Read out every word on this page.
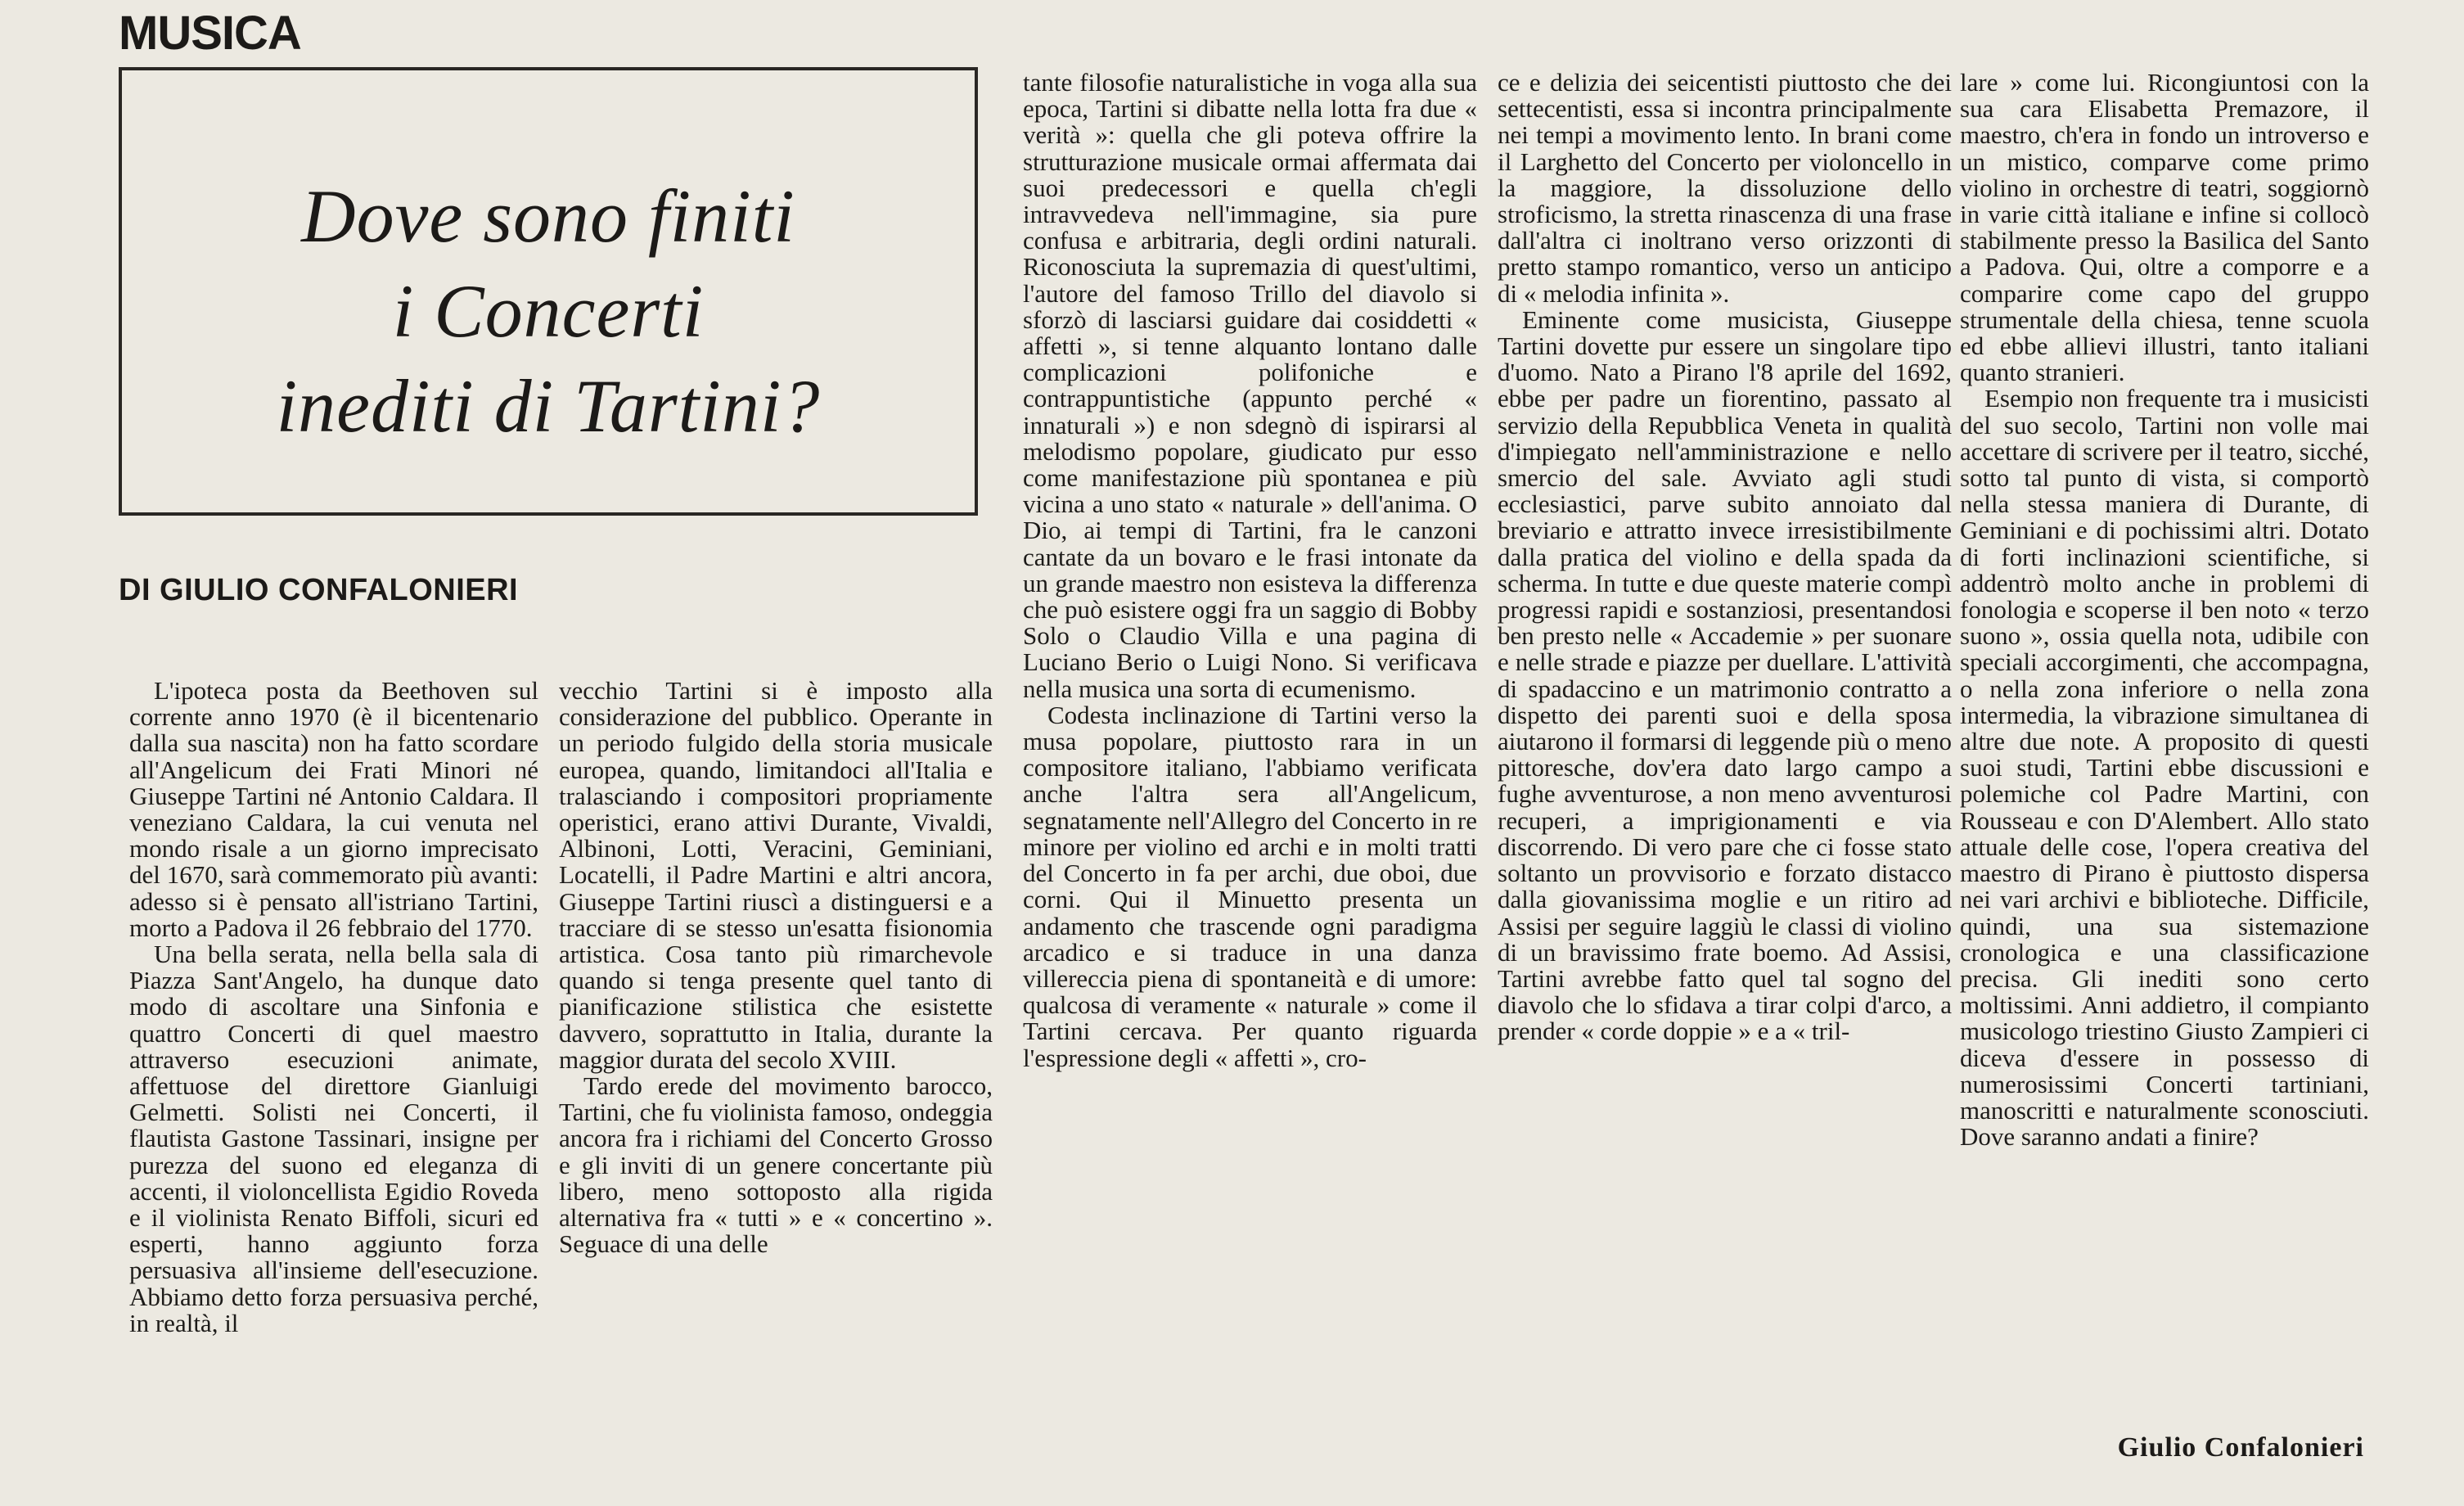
MUSICA
Dove sono finiti
i Concerti
inediti di Tartini?
DI GIULIO CONFALONIERI

L'ipoteca posta da Beethoven sul corrente anno 1970 (è il bicentenario dalla sua nascita) non ha fatto scordare all'Angelicum dei Frati Minori né Giuseppe Tartini né Antonio Caldara. Il veneziano Caldara, la cui venuta nel mondo risale a un giorno imprecisato del 1670, sarà commemorato più avanti: adesso si è pensato all'istriano Tartini, morto a Padova il 26 febbraio del 1770.

Una bella serata, nella bella sala di Piazza Sant'Angelo, ha dunque dato modo di ascoltare una Sinfonia e quattro Concerti di quel maestro attraverso esecuzioni animate, affettuose del direttore Gianluigi Gelmetti. Solisti nei Concerti, il flautista Gastone Tassinari, insigne per purezza del suono ed eleganza di accenti, il violoncellista Egidio Roveda e il violinista Renato Biffoli, sicuri ed esperti, hanno aggiunto forza persuasiva all'insieme dell'esecuzione. Abbiamo detto forza persuasiva perché, in realtà, il

vecchio Tartini si è imposto alla considerazione del pubblico. Operante in un periodo fulgido della storia musicale europea, quando, limitandoci all'Italia e tralasciando i compositori propriamente operistici, erano attivi Durante, Vivaldi, Albinoni, Lotti, Veracini, Geminiani, Locatelli, il Padre Martini e altri ancora, Giuseppe Tartini riuscì a distinguersi e a tracciare di se stesso un'esatta fisionomia artistica. Cosa tanto più rimarchevole quando si tenga presente quel tanto di pianificazione stilistica che esistette davvero, soprattutto in Italia, durante la maggior durata del secolo XVIII.

Tardo erede del movimento barocco, Tartini, che fu violinista famoso, ondeggia ancora fra i richiami del Concerto Grosso e gli inviti di un genere concertante più libero, meno sottoposto alla rigida alternativa fra « tutti » e « concertino ». Seguace di una delle

tante filosofie naturalistiche in voga alla sua epoca, Tartini si dibatte nella lotta fra due « verità »: quella che gli poteva offrire la strutturazione musicale ormai affermata dai suoi predecessori e quella ch'egli intravvedeva nell'immagine, sia pure confusa e arbitraria, degli ordini naturali. Riconosciuta la supremazia di quest'ultimi, l'autore del famoso Trillo del diavolo si sforzò di lasciarsi guidare dai cosiddetti « affetti », si tenne alquanto lontano dalle complicazioni polifoniche e contrappuntistiche (appunto perché « innaturali ») e non sdegnò di ispirarsi al melodismo popolare, giudicato pur esso come manifestazione più spontanea e più vicina a uno stato « naturale » dell'anima. O Dio, ai tempi di Tartini, fra le canzoni cantate da un bovaro e le frasi intonate da un grande maestro non esisteva la differenza che può esistere oggi fra un saggio di Bobby Solo o Claudio Villa e una pagina di Luciano Berio o Luigi Nono. Si verificava nella musica una sorta di ecumenismo.

Codesta inclinazione di Tartini verso la musa popolare, piuttosto rara in un compositore italiano, l'abbiamo verificata anche l'altra sera all'Angelicum, segnatamente nell'Allegro del Concerto in re minore per violino ed archi e in molti tratti del Concerto in fa per archi, due oboi, due corni. Qui il Minuetto presenta un andamento che trascende ogni paradigma arcadico e si traduce in una danza villereccia piena di spontaneità e di umore: qualcosa di veramente « naturale » come il Tartini cercava. Per quanto riguarda l'espressione degli « affetti », cro-

ce e delizia dei seicentisti piuttosto che dei settecentisti, essa si incontra principalmente nei tempi a movimento lento. In brani come il Larghetto del Concerto per violoncello in la maggiore, la dissoluzione dello stroficismo, la stretta rinascenza di una frase dall'altra ci inoltrano verso orizzonti di pretto stampo romantico, verso un anticipo di « melodia infinita ».

Eminente come musicista, Giuseppe Tartini dovette pur essere un singolare tipo d'uomo. Nato a Pirano l'8 aprile del 1692, ebbe per padre un fiorentino, passato al servizio della Repubblica Veneta in qualità d'impiegato nell'amministrazione e nello smercio del sale. Avviato agli studi ecclesiastici, parve subito annoiato dal breviario e attratto invece irresistibilmente dalla pratica del violino e della spada da scherma. In tutte e due queste materie compì progressi rapidi e sostanziosi, presentandosi ben presto nelle « Accademie » per suonare e nelle strade e piazze per duellare. L'attività di spadaccino e un matrimonio contratto a dispetto dei parenti suoi e della sposa aiutarono il formarsi di leggende più o meno pittoresche, dov'era dato largo campo a fughe avventurose, a non meno avventurosi recuperi, a imprigionamenti e via discorrendo. Di vero pare che ci fosse stato soltanto un provvisorio e forzato distacco dalla giovanissima moglie e un ritiro ad Assisi per seguire laggiù le classi di violino di un bravissimo frate boemo. Ad Assisi, Tartini avrebbe fatto quel tal sogno del diavolo che lo sfidava a tirar colpi d'arco, a prender « corde doppie » e a « tril-

lare » come lui. Ricongiuntosi con la sua cara Elisabetta Premazore, il maestro, ch'era in fondo un introverso e un mistico, comparve come primo violino in orchestre di teatri, soggiornò in varie città italiane e infine si collocò stabilmente presso la Basilica del Santo a Padova. Qui, oltre a comporre e a comparire come capo del gruppo strumentale della chiesa, tenne scuola ed ebbe allievi illustri, tanto italiani quanto stranieri.

Esempio non frequente tra i musicisti del suo secolo, Tartini non volle mai accettare di scrivere per il teatro, sicché, sotto tal punto di vista, si comportò nella stessa maniera di Durante, di Geminiani e di pochissimi altri. Dotato di forti inclinazioni scientifiche, si addentrò molto anche in problemi di fonologia e scoperse il ben noto « terzo suono », ossia quella nota, udibile con speciali accorgimenti, che accompagna, o nella zona inferiore o nella zona intermedia, la vibrazione simultanea di altre due note. A proposito di questi suoi studi, Tartini ebbe discussioni e polemiche col Padre Martini, con Rousseau e con D'Alembert. Allo stato attuale delle cose, l'opera creativa del maestro di Pirano è piuttosto dispersa nei vari archivi e biblioteche. Difficile, quindi, una sua sistemazione cronologica e una classificazione precisa. Gli inediti sono certo moltissimi. Anni addietro, il compianto musicologo triestino Giusto Zampieri ci diceva d'essere in possesso di numerosissimi Concerti tartiniani, manoscritti e naturalmente sconosciuti. Dove saranno andati a finire?

Giulio Confalonieri
